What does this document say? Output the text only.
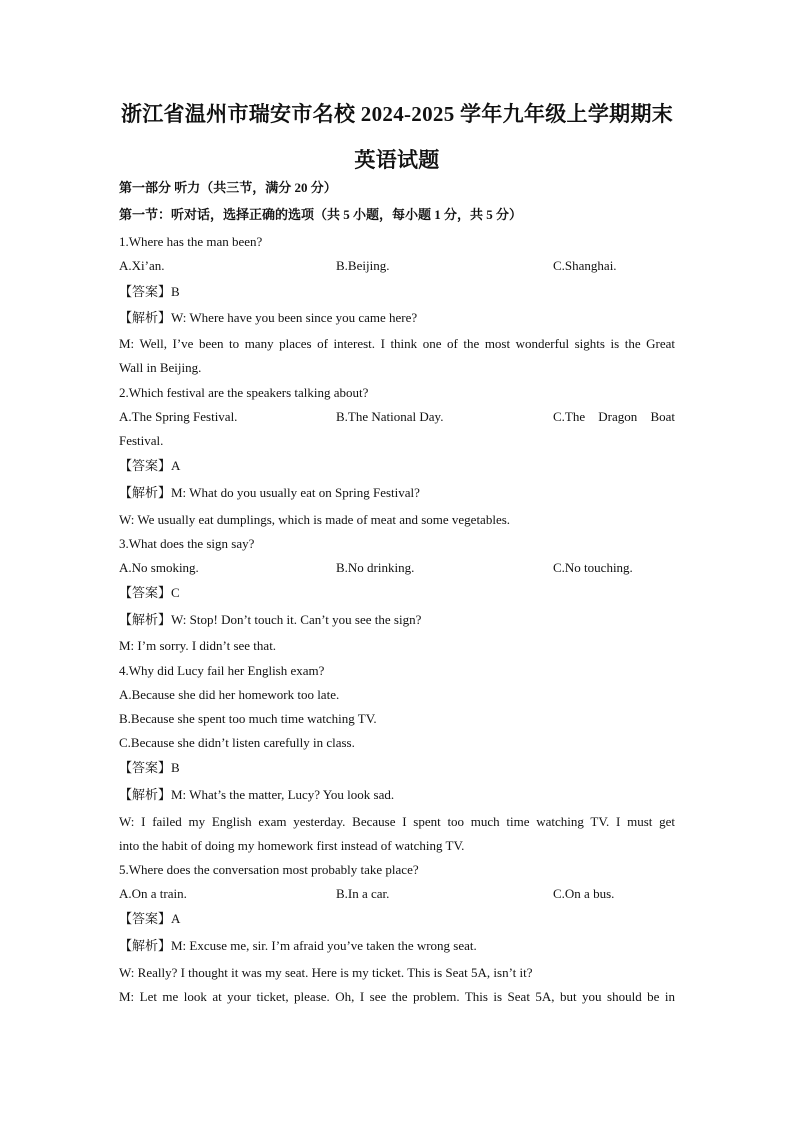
浙江省温州市瑞安市名校 2024-2025 学年九年级上学期期末
英语试题
第一部分 听力（共三节，满分 20 分）
第一节：听对话，选择正确的选项（共 5 小题，每小题 1 分，共 5 分）
1.Where has the man been?
A.Xi’an.	B.Beijing.	C.Shanghai.
【答案】B
【解析】W: Where have you been since you came here?
M: Well, I’ve been to many places of interest. I think one of the most wonderful sights is the Great
Wall in Beijing.
2.Which festival are the speakers talking about?
A.The Spring Festival.	B.The National Day.	C.The Dragon Boat
Festival.
【答案】A
【解析】M: What do you usually eat on Spring Festival?
W: We usually eat dumplings, which is made of meat and some vegetables.
3.What does the sign say?
A.No smoking.	B.No drinking.	C.No touching.
【答案】C
【解析】W: Stop! Don’t touch it. Can’t you see the sign?
M: I’m sorry. I didn’t see that.
4.Why did Lucy fail her English exam?
A.Because she did her homework too late.
B.Because she spent too much time watching TV.
C.Because she didn’t listen carefully in class.
【答案】B
【解析】M: What’s the matter, Lucy? You look sad.
W: I failed my English exam yesterday. Because I spent too much time watching TV. I must get
into the habit of doing my homework first instead of watching TV.
5.Where does the conversation most probably take place?
A.On a train.	B.In a car.	C.On a bus.
【答案】A
【解析】M: Excuse me, sir. I’m afraid you’ve taken the wrong seat.
W: Really? I thought it was my seat. Here is my ticket. This is Seat 5A, isn’t it?
M: Let me look at your ticket, please. Oh, I see the problem. This is Seat 5A, but you should be in
